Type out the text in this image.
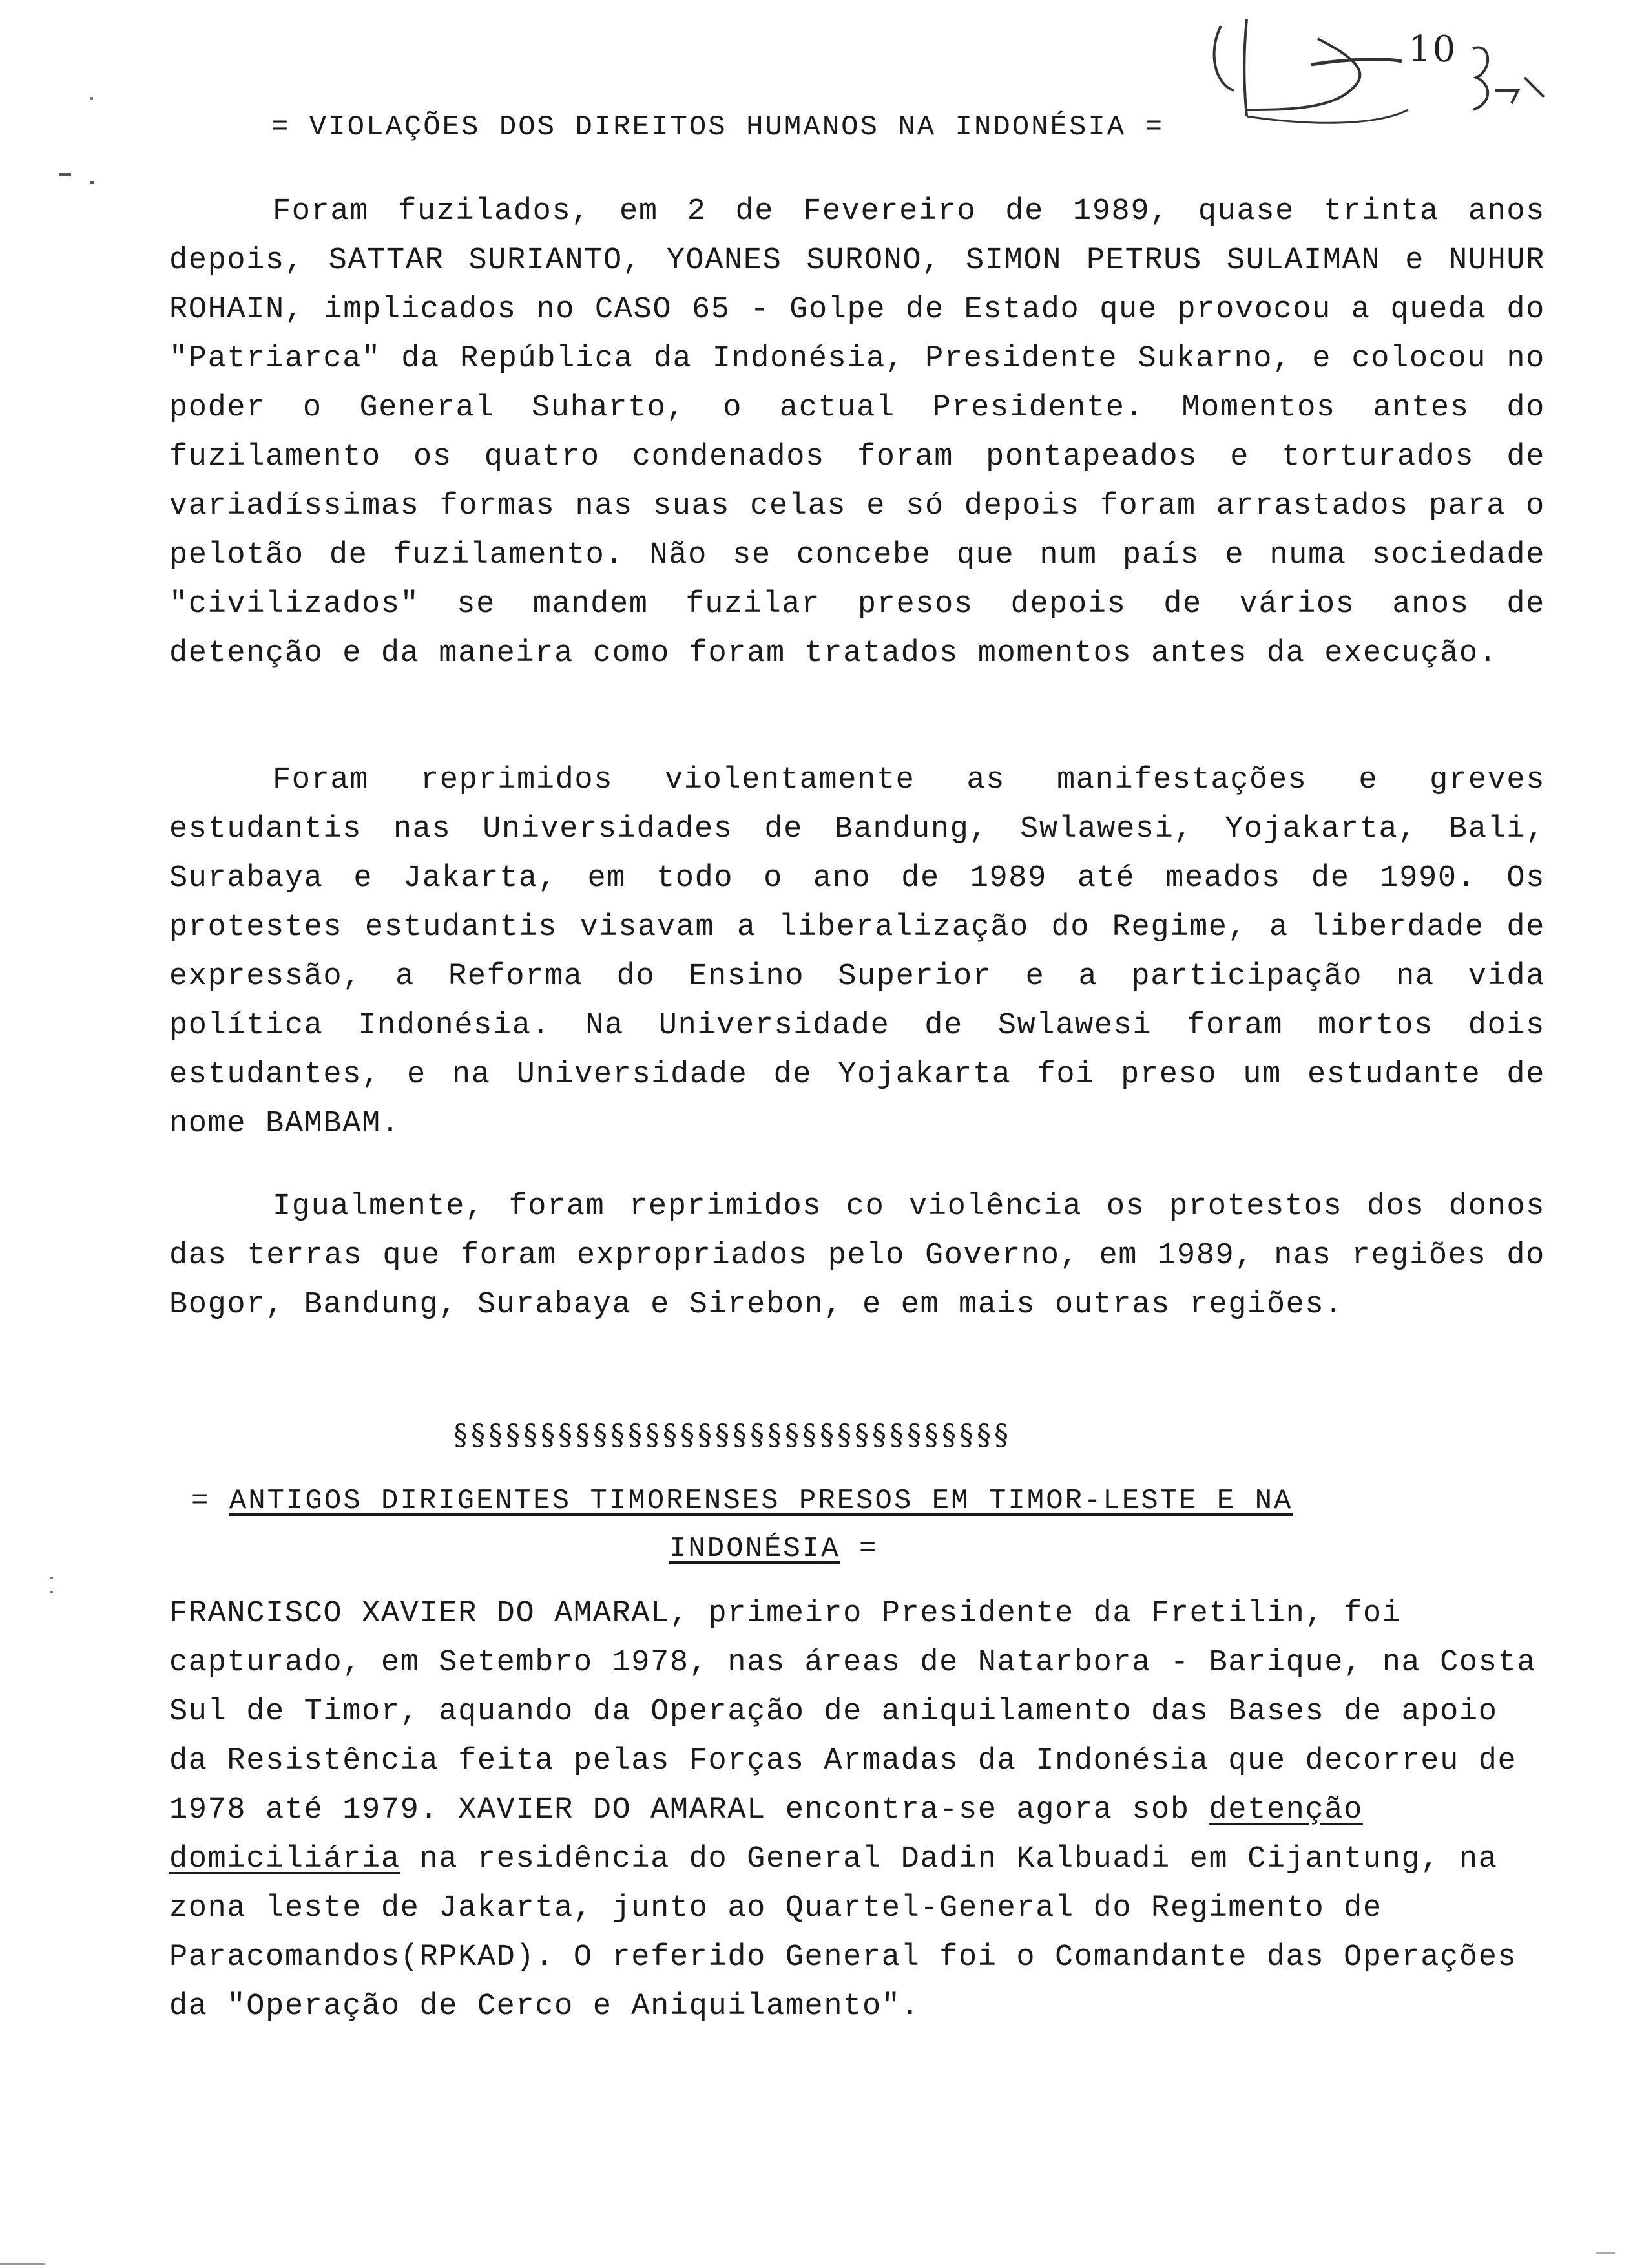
10
= VIOLAÇÕES DOS DIREITOS HUMANOS NA INDONÉSIA =

Foram fuzilados, em 2 de Fevereiro de 1989, quase trinta anos depois, SATTAR SURIANTO, YOANES SURONO, SIMON PETRUS SULAIMAN e NUHUR ROHAIN, implicados no CASO 65 - Golpe de Estado que provocou a queda do "Patriarca" da República da Indonésia, Presidente Sukarno, e colocou no poder o General Suharto, o actual Presidente. Momentos antes do fuzilamento os quatro condenados foram pontapeados e torturados de variadíssimas formas nas suas celas e só depois foram arrastados para o pelotão de fuzilamento. Não se concebe que num país e numa sociedade "civilizados" se mandem fuzilar presos depois de vários anos de detenção e da maneira como foram tratados momentos antes da execução.

Foram reprimidos violentamente as manifestações e greves estudantis nas Universidades de Bandung, Swlawesi, Yojakarta, Bali, Surabaya e Jakarta, em todo o ano de 1989 até meados de 1990. Os protestes estudantis visavam a liberalização do Regime, a liberdade de expressão, a Reforma do Ensino Superior e a participação na vida política Indonésia. Na Universidade de Swlawesi foram mortos dois estudantes, e na Universidade de Yojakarta foi preso um estudante de nome BAMBAM.

Igualmente, foram reprimidos co violência os protestos dos donos das terras que foram expropriados pelo Governo, em 1989, nas regiões do Bogor, Bandung, Surabaya e Sirebon, e em mais outras regiões.

§§§§§§§§§§§§§§§§§§§§§§§§§§§§§§§§
= ANTIGOS DIRIGENTES TIMORENSES PRESOS EM TIMOR-LESTE E NA
INDONÉSIA =

FRANCISCO XAVIER DO AMARAL, primeiro Presidente da Fretilin, foi capturado, em Setembro 1978, nas áreas de Natarbora - Barique, na Costa Sul de Timor, aquando da Operação de aniquilamento das Bases de apoio da Resistência feita pelas Forças Armadas da Indonésia que decorreu de 1978 até 1979. XAVIER DO AMARAL encontra-se agora sob detenção domiciliária na residência do General Dadin Kalbuadi em Cijantung, na zona leste de Jakarta, junto ao Quartel-General do Regimento de Paracomandos(RPKAD). O referido General foi o Comandante das Operações da "Operação de Cerco e Aniquilamento".
